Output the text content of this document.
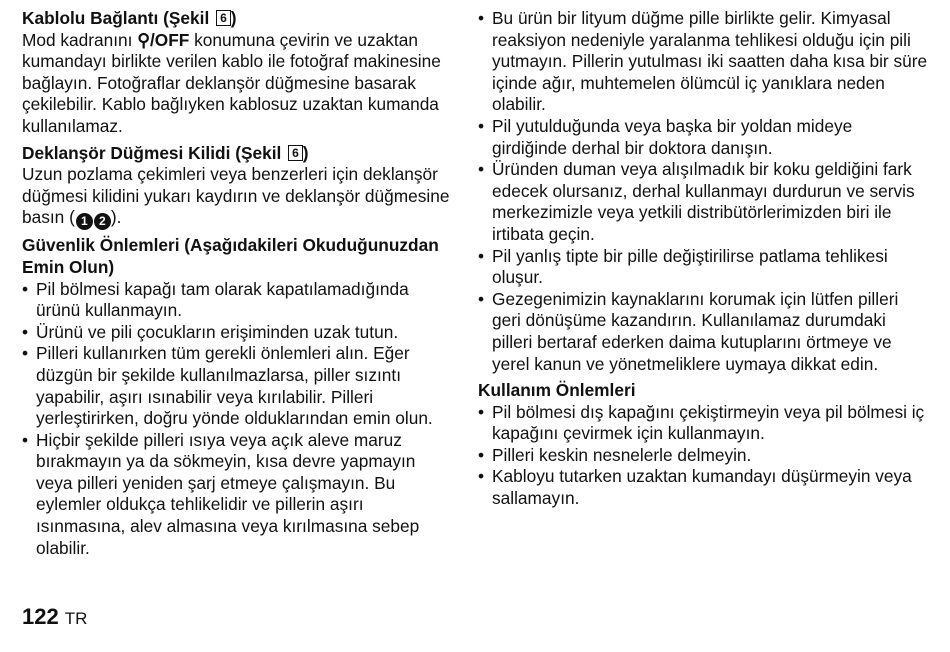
Kablolu Bağlantı (Şekil 6 )
Mod kadranını ⚲/OFF konumuna çevirin ve uzaktan kumandayı birlikte verilen kablo ile fotoğraf makinesine bağlayın. Fotoğraflar deklanşör düğmesine basarak çekilebilir. Kablo bağlıyken kablosuz uzaktan kumanda kullanılamaz.
Deklanşör Düğmesi Kilidi (Şekil 6 )
Uzun pozlama çekimleri veya benzerleri için deklanşör düğmesi kilidini yukarı kaydırın ve deklanşör düğmesine basın ( 1 2 ).
Güvenlik Önlemleri (Aşağıdakileri Okuduğunuzdan Emin Olun)
• Pil bölmesi kapağı tam olarak kapatılamadığında ürünü kullanmayın.
• Ürünü ve pili çocukların erişiminden uzak tutun.
• Pilleri kullanırken tüm gerekli önlemleri alın. Eğer düzgün bir şekilde kullanılmazlarsa, piller sızıntı yapabilir, aşırı ısınabilir veya kırılabilir. Pilleri yerleştirirken, doğru yönde olduklarından emin olun.
• Hiçbir şekilde pilleri ısıya veya açık aleve maruz bırakmayın ya da sökmeyin, kısa devre yapmayın veya pilleri yeniden şarj etmeye çalışmayın. Bu eylemler oldukça tehlikelidir ve pillerin aşırı ısınmasına, alev almasına veya kırılmasına sebep olabilir.
• Bu ürün bir lityum düğme pille birlikte gelir. Kimyasal reaksiyon nedeniyle yaralanma tehlikesi olduğu için pili yutmayın. Pillerin yutulması iki saatten daha kısa bir süre içinde ağır, muhtemelen ölümcül iç yanıklara neden olabilir.
• Pil yutulduğunda veya başka bir yoldan mideye girdiğinde derhal bir doktora danışın.
• Üründen duman veya alışılmadık bir koku geldiğini fark edecek olursanız, derhal kullanmayı durdurun ve servis merkezimizle veya yetkili distribütörlerimizden biri ile irtibata geçin.
• Pil yanlış tipte bir pille değiştirilirse patlama tehlikesi oluşur.
• Gezegenimizin kaynaklarını korumak için lütfen pilleri geri dönüşüme kazandırın. Kullanılamaz durumdaki pilleri bertaraf ederken daima kutuplarını örtmeye ve yerel kanun ve yönetmeliklere uymaya dikkat edin.
Kullanım Önlemleri
• Pil bölmesi dış kapağını çekiştirmeyin veya pil bölmesi iç kapağını çevirmek için kullanmayın.
• Pilleri keskin nesnelerle delmeyin.
• Kabloyu tutarken uzaktan kumandayı düşürmeyin veya sallamayın.
122 TR
